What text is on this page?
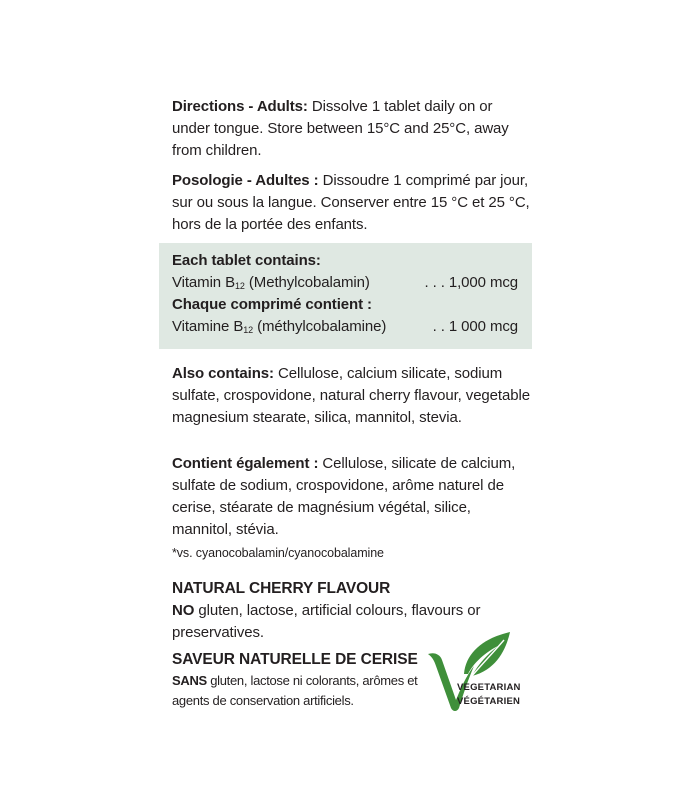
Directions - Adults: Dissolve 1 tablet daily on or under tongue. Store between 15°C and 25°C, away from children.

Posologie - Adultes : Dissoudre 1 comprimé par jour, sur ou sous la langue. Conserver entre 15 °C et 25 °C, hors de la portée des enfants.

Each tablet contains:

Vitamin $B_{12}$ (Methylcobalamin)	. . . 1,000 mcg

Chaque comprimé contient :

Vitamine $B_{12}$ (méthylcobalamine)	. . 1 000 mcg

Also contains: Cellulose, calcium silicate, sodium sulfate, crospovidone, natural cherry flavour, vegetable magnesium stearate, silica, mannitol, stevia.

Contient également : Cellulose, silicate de calcium, sulfate de sodium, crospovidone, arôme naturel de cerise, stéarate de magnésium végétal, silice, mannitol, stévia.

*vs. cyanocobalamin/cyanocobalamine

NATURAL CHERRY FLAVOUR

NO gluten, lactose, artificial colours, flavours or preservatives.

SAVEUR NATURELLE DE CERISE

SANS gluten, lactose ni colorants, arômes et agents de conservation artificiels.

VEGETARIAN
VÉGÉTARIEN
